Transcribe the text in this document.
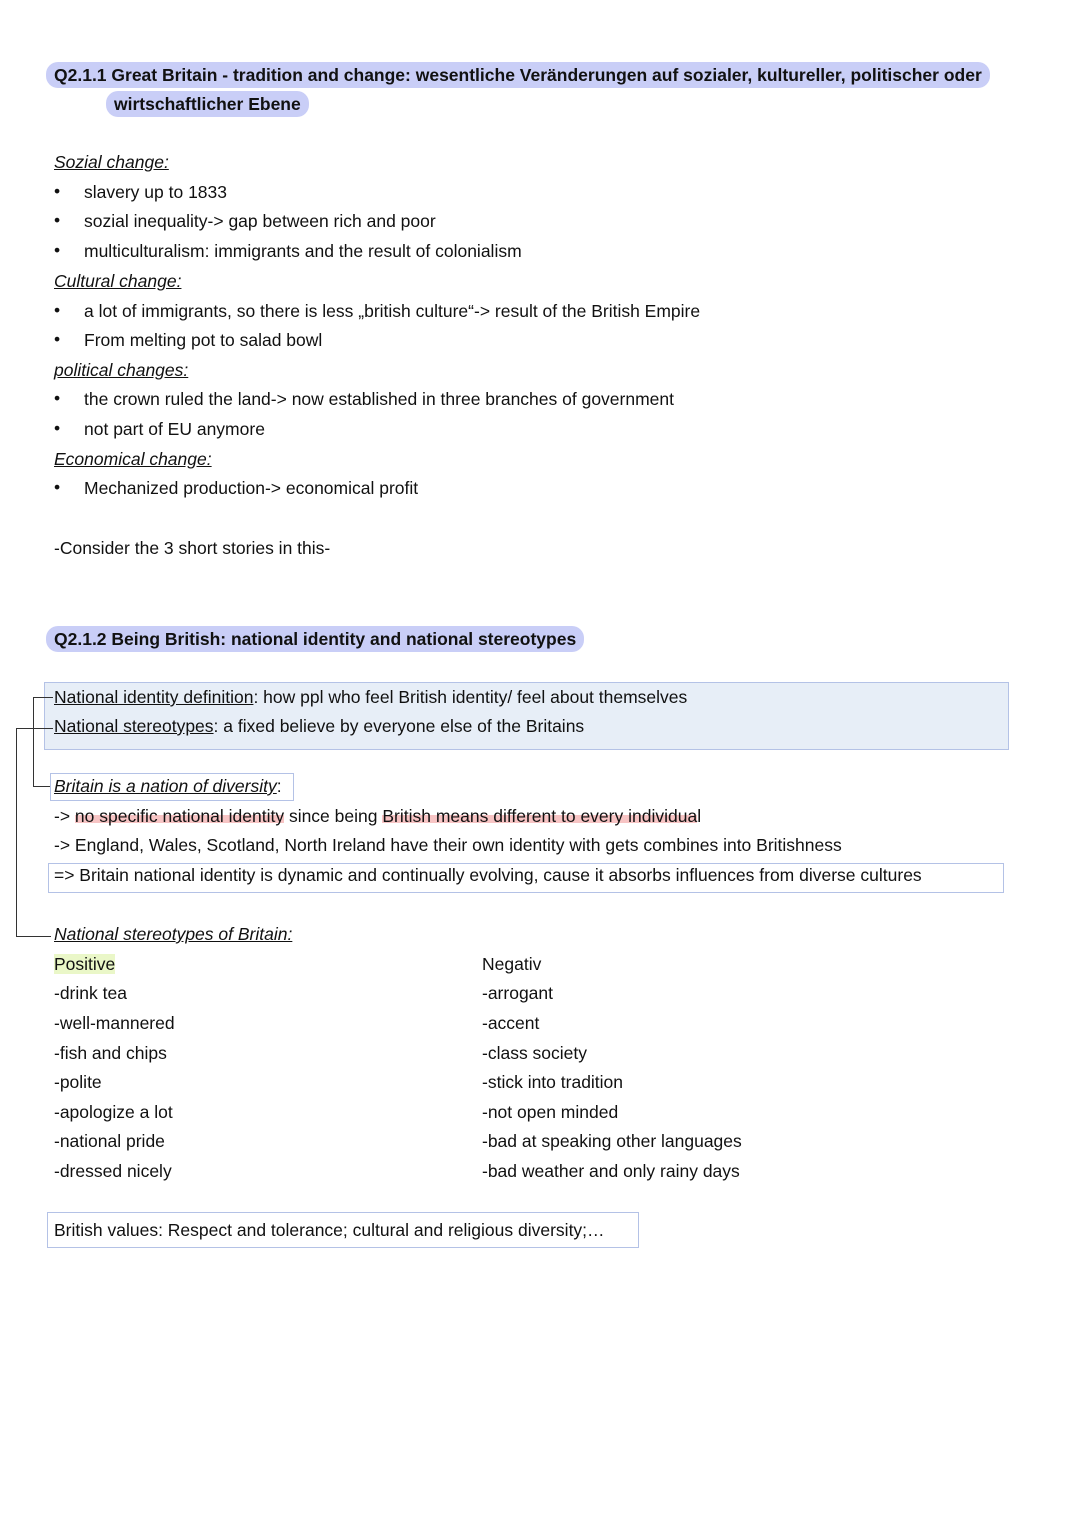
Q2.1.1 Great Britain - tradition and change: wesentliche Veränderungen auf sozialer, kultureller, politischer oder
wirtschaftlicher Ebene
Sozial change:
• slavery up to 1833
• sozial inequality-> gap between rich and poor
• multiculturalism: immigrants and the result of colonialism
Cultural change:
• a lot of immigrants, so there is less „british culture“-> result of the British Empire
• From melting pot to salad bowl
political changes:
• the crown ruled the land-> now established in three branches of government
• not part of EU anymore
Economical change:
• Mechanized production-> economical profit
-Consider the 3 short stories in this-
Q2.1.2 Being British: national identity and national stereotypes
National identity definition: how ppl who feel British identity/ feel about themselves
National stereotypes: a fixed believe by everyone else of the Britains
Britain is a nation of diversity:
-> no specific national identity since being British means different to every individual
-> England, Wales, Scotland, North Ireland have their own identity with gets combines into Britishness
=> Britain national identity is dynamic and continually evolving, cause it absorbs influences from diverse cultures
National stereotypes of Britain:
Positive	Negativ
-drink tea
-well-mannered
-fish and chips
-polite
-apologize a lot
-national pride
-dressed nicely
-arrogant
-accent
-class society
-stick into tradition
-not open minded
-bad at speaking other languages
-bad weather and only rainy days
British values: Respect and tolerance; cultural and religious diversity;…
